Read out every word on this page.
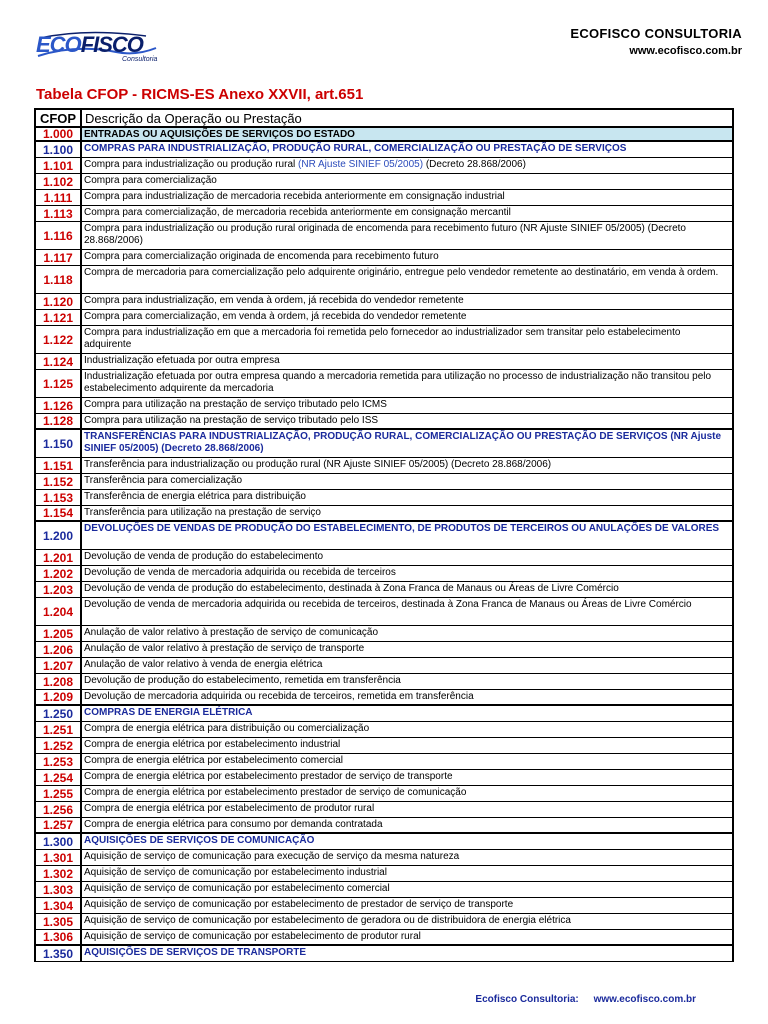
ECOFISCO
Consultoria
ECOFISCO CONSULTORIA
www.ecofisco.com.br
Tabela CFOP - RICMS-ES Anexo XXVII, art.651
CFOP Descrição da Operação ou Prestação
1.000	ENTRADAS OU AQUISIÇÕES DE SERVIÇOS DO ESTADO
1.100	COMPRAS PARA INDUSTRIALIZAÇÃO, PRODUÇÃO RURAL, COMERCIALIZAÇÃO OU PRESTAÇÃO DE SERVIÇOS
1.101	Compra para industrialização ou produção rural (NR Ajuste SINIEF 05/2005) (Decreto 28.868/2006)
1.102	Compra para comercialização
1.111	Compra para industrialização de mercadoria recebida anteriormente em consignação industrial
1.113	Compra para comercialização, de mercadoria recebida anteriormente em consignação mercantil
1.116	Compra para industrialização ou produção rural originada de encomenda para recebimento futuro (NR Ajuste SINIEF 05/2005) (Decreto 28.868/2006)
1.117	Compra para comercialização originada de encomenda para recebimento futuro
1.118	Compra de mercadoria para comercialização pelo adquirente originário, entregue pelo vendedor remetente ao destinatário, em venda à ordem.
1.120	Compra para industrialização, em venda à ordem, já recebida do vendedor remetente
1.121	Compra para comercialização, em venda à ordem, já recebida do vendedor remetente
1.122	Compra para industrialização em que a mercadoria foi remetida pelo fornecedor ao industrializador sem transitar pelo estabelecimento adquirente
1.124	Industrialização efetuada por outra empresa
1.125	Industrialização efetuada por outra empresa quando a mercadoria remetida para utilização no processo de industrialização não transitou pelo estabelecimento adquirente da mercadoria
1.126	Compra para utilização na prestação de serviço tributado pelo ICMS
1.128	Compra para utilização na prestação de serviço tributado pelo ISS
1.150	TRANSFERÊNCIAS PARA INDUSTRIALIZAÇÃO, PRODUÇÃO RURAL, COMERCIALIZAÇÃO OU PRESTAÇÃO DE SERVIÇOS (NR Ajuste SINIEF 05/2005) (Decreto 28.868/2006)
1.151	Transferência para industrialização ou produção rural (NR Ajuste SINIEF 05/2005) (Decreto 28.868/2006)
1.152	Transferência para comercialização
1.153	Transferência de energia elétrica para distribuição
1.154	Transferência para utilização na prestação de serviço
1.200	DEVOLUÇÕES DE VENDAS DE PRODUÇÃO DO ESTABELECIMENTO, DE PRODUTOS DE TERCEIROS OU ANULAÇÕES DE VALORES
1.201	Devolução de venda de produção do estabelecimento
1.202	Devolução de venda de mercadoria adquirida ou recebida de terceiros
1.203	Devolução de venda de produção do estabelecimento, destinada à Zona Franca de Manaus ou Áreas de Livre Comércio
1.204	Devolução de venda de mercadoria adquirida ou recebida de terceiros, destinada à Zona Franca de Manaus ou Áreas de Livre Comércio
1.205	Anulação de valor relativo à prestação de serviço de comunicação
1.206	Anulação de valor relativo à prestação de serviço de transporte
1.207	Anulação de valor relativo à venda de energia elétrica
1.208	Devolução de produção do estabelecimento, remetida em transferência
1.209	Devolução de mercadoria adquirida ou recebida de terceiros, remetida em transferência
1.250	COMPRAS DE ENERGIA ELÉTRICA
1.251	Compra de energia elétrica para distribuição ou comercialização
1.252	Compra de energia elétrica por estabelecimento industrial
1.253	Compra de energia elétrica por estabelecimento comercial
1.254	Compra de energia elétrica por estabelecimento prestador de serviço de transporte
1.255	Compra de energia elétrica por estabelecimento prestador de serviço de comunicação
1.256	Compra de energia elétrica por estabelecimento de produtor rural
1.257	Compra de energia elétrica para consumo por demanda contratada
1.300	AQUISIÇÕES DE SERVIÇOS DE COMUNICAÇÃO
1.301	Aquisição de serviço de comunicação para execução de serviço da mesma natureza
1.302	Aquisição de serviço de comunicação por estabelecimento industrial
1.303	Aquisição de serviço de comunicação por estabelecimento comercial
1.304	Aquisição de serviço de comunicação por estabelecimento de prestador de serviço de transporte
1.305	Aquisição de serviço de comunicação por estabelecimento de geradora ou de distribuidora de energia elétrica
1.306	Aquisição de serviço de comunicação por estabelecimento de produtor rural
1.350	AQUISIÇÕES DE SERVIÇOS DE TRANSPORTE
Ecofisco Consultoria: www.ecofisco.com.br
